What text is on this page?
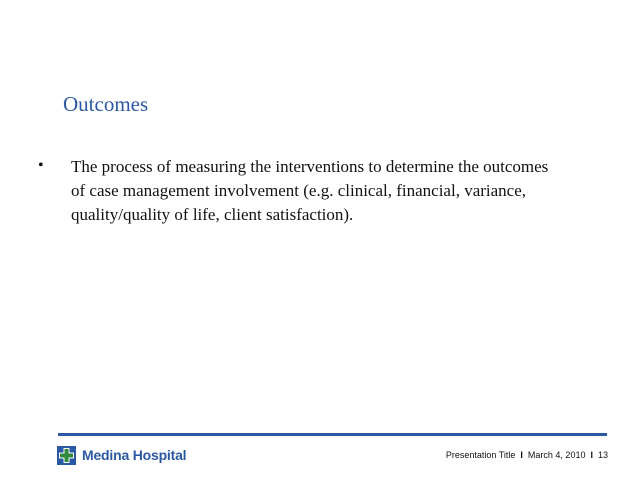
Outcomes
• The process of measuring the interventions to determine the outcomes of case management involvement (e.g. clinical, financial, variance, quality/quality of life, client satisfaction).
Medina Hospital	Presentation Title I March 4, 2010 I 13
